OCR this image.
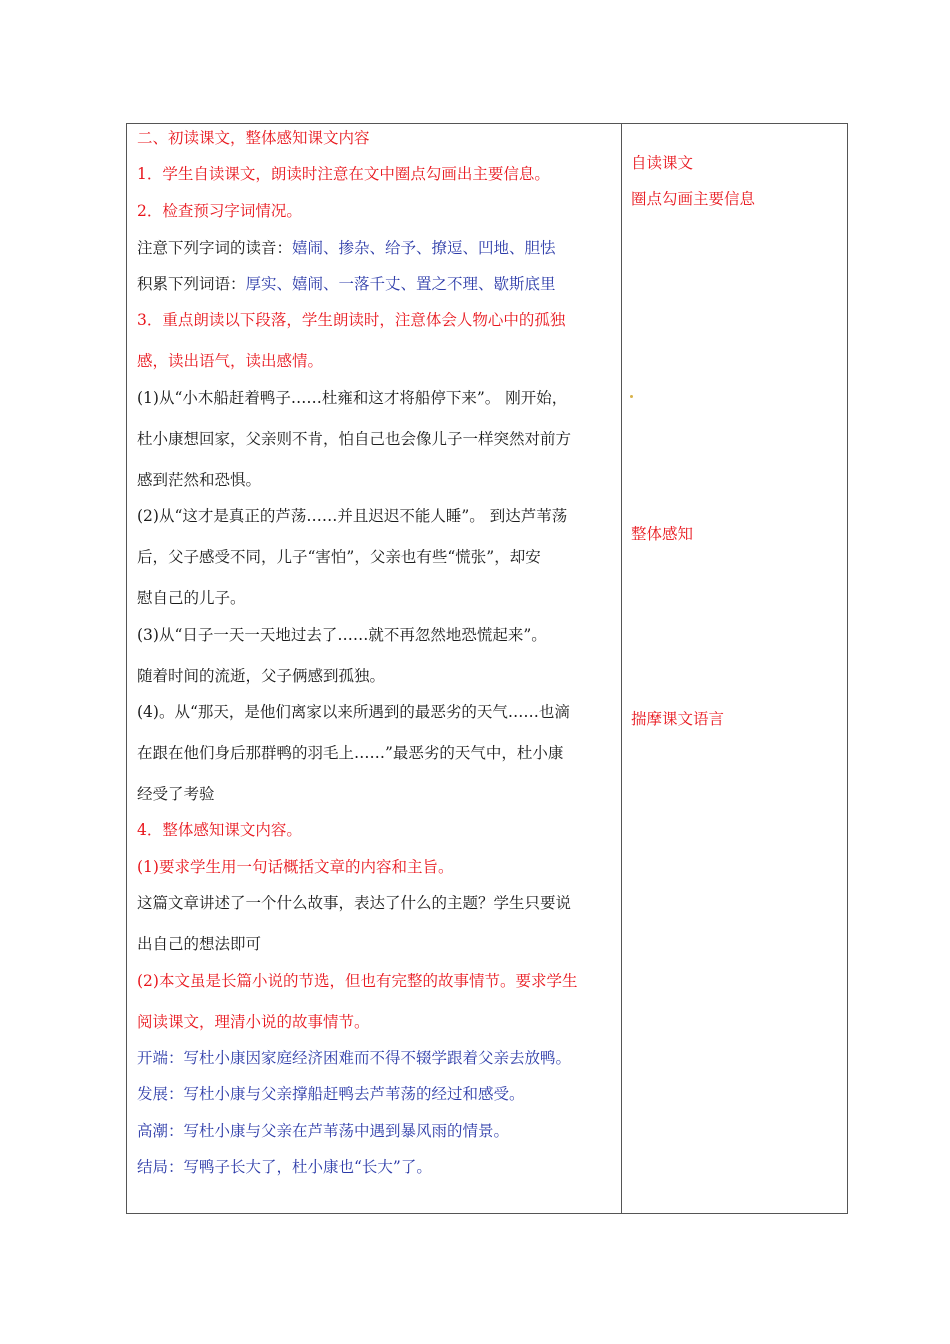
二、初读课文，整体感知课文内容
1．学生自读课文，朗读时注意在文中圈点勾画出主要信息。
2．检查预习字词情况。
注意下列字词的读音：嬉闹、掺杂、给予、撩逗、凹地、胆怯
积累下列词语：厚实、嬉闹、一落千丈、置之不理、歇斯底里
3．重点朗读以下段落，学生朗读时，注意体会人物心中的孤独
感，读出语气，读出感情。
(1)从“小木船赶着鸭子……杜雍和这才将船停下来”。 刚开始，
杜小康想回家，父亲则不肯，怕自己也会像儿子一样突然对前方
感到茫然和恐惧。
(2)从“这才是真正的芦荡……并且迟迟不能人睡”。 到达芦苇荡
后，父子感受不同，儿子“害怕”，父亲也有些“慌张”，却安
慰自己的儿子。
(3)从“日子一天一天地过去了……就不再忽然地恐慌起来”。
随着时间的流逝，父子俩感到孤独。
(4)。从“那天，是他们离家以来所遇到的最恶劣的天气……也滴
在跟在他们身后那群鸭的羽毛上……”最恶劣的天气中，杜小康
经受了考验
4．整体感知课文内容。
(1)要求学生用一句话概括文章的内容和主旨。
这篇文章讲述了一个什么故事，表达了什么的主题？学生只要说
出自己的想法即可
(2)本文虽是长篇小说的节选，但也有完整的故事情节。要求学生
阅读课文，理清小说的故事情节。
开端：写杜小康因家庭经济困难而不得不辍学跟着父亲去放鸭。
发展：写杜小康与父亲撑船赶鸭去芦苇荡的经过和感受。
高潮：写杜小康与父亲在芦苇荡中遇到暴风雨的情景。
结局：写鸭子长大了，杜小康也“长大”了。
自读课文
圈点勾画主要信息
整体感知
揣摩课文语言
